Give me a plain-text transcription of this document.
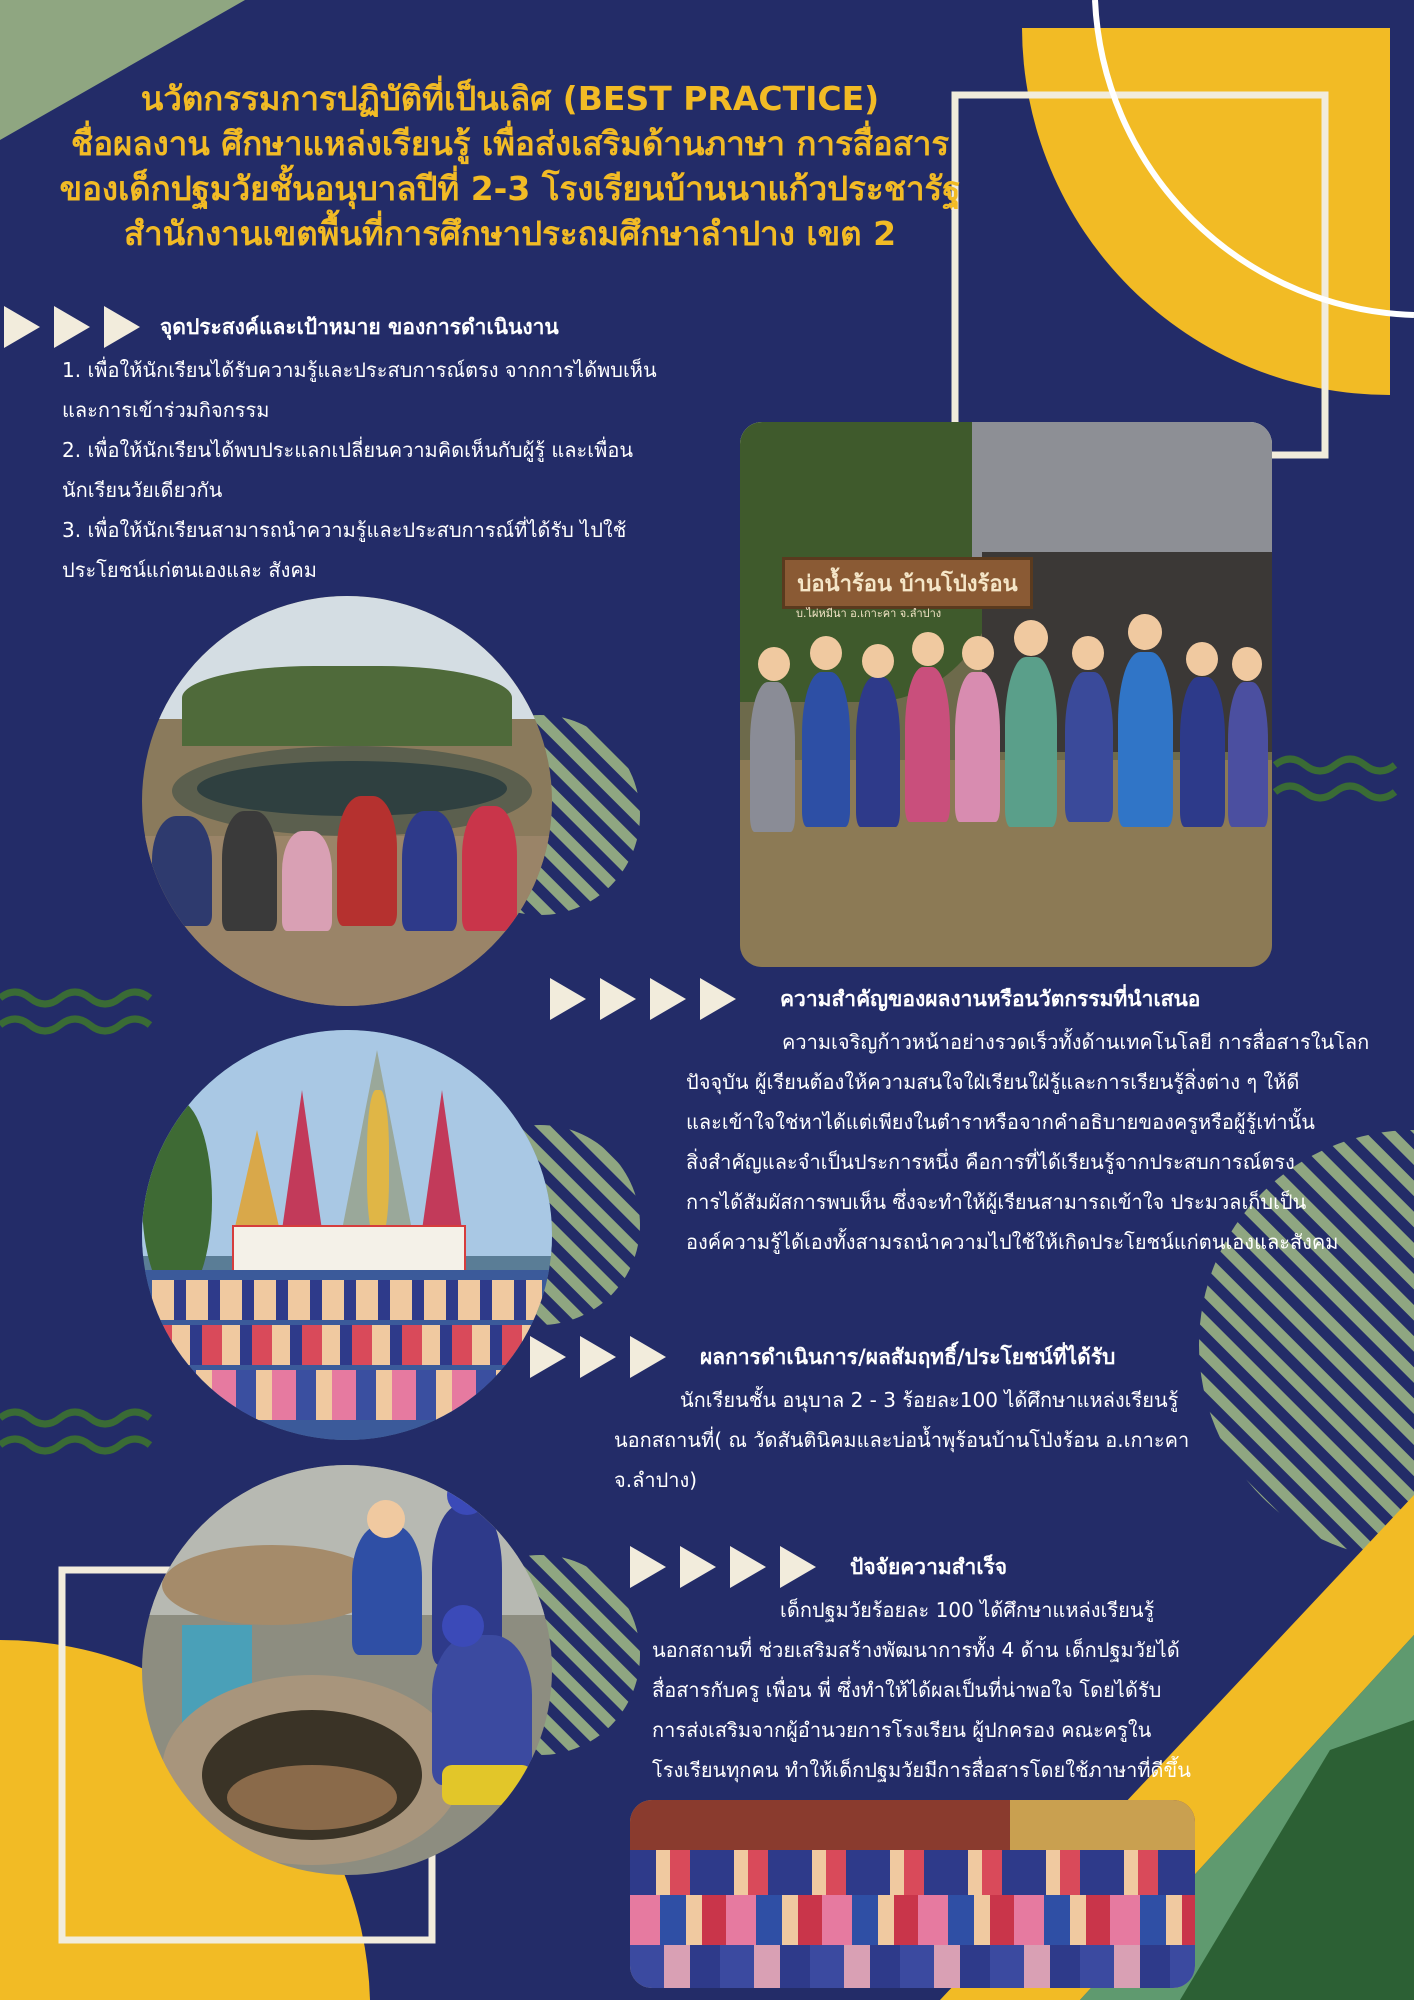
นวัตกรรมการปฏิบัติที่เป็นเลิศ (BEST PRACTICE)
ชื่อผลงาน ศึกษาแหล่งเรียนรู้ เพื่อส่งเสริมด้านภาษา การสื่อสาร
ของเด็กปฐมวัยชั้นอนุบาลปีที่ 2-3 โรงเรียนบ้านนาแก้วประชารัฐ
สำนักงานเขตพื้นที่การศึกษาประถมศึกษาลำปาง เขต 2
จุดประสงค์และเป้าหมาย ของการดำเนินงาน

1. เพื่อให้นักเรียนได้รับความรู้และประสบการณ์ตรง จากการได้พบเห็น

และการเข้าร่วมกิจกรรม

2. เพื่อให้นักเรียนได้พบประแลกเปลี่ยนความคิดเห็นกับผู้รู้ และเพื่อน

นักเรียนวัยเดียวกัน

3. เพื่อให้นักเรียนสามารถนำความรู้และประสบการณ์ที่ได้รับ ไปใช้

ประโยชน์แก่ตนเองและ สังคม

บ่อน้ำร้อน บ้านโป่งร้อน
บ.ไผ่หมีนา อ.เกาะคา จ.ลำปาง
ความสำคัญของผลงานหรือนวัตกรรมที่นำเสนอ

ความเจริญก้าวหน้าอย่างรวดเร็วทั้งด้านเทคโนโลยี การสื่อสารในโลก

ปัจจุบัน ผู้เรียนต้องให้ความสนใจใฝ่เรียนใฝ่รู้และการเรียนรู้สิ่งต่าง ๆ ให้ดี

และเข้าใจใช่หาได้แต่เพียงในตำราหรือจากคำอธิบายของครูหรือผู้รู้เท่านั้น

สิ่งสำคัญและจำเป็นประการหนึ่ง คือการที่ได้เรียนรู้จากประสบการณ์ตรง

การได้สัมผัสการพบเห็น ซึ่งจะทำให้ผู้เรียนสามารถเข้าใจ ประมวลเก็บเป็น

องค์ความรู้ได้เองทั้งสามรถนำความไปใช้ให้เกิดประโยชน์แก่ตนเองและสังคม

ผลการดำเนินการ/ผลสัมฤทธิ์/ประโยชน์ที่ได้รับ

นักเรียนชั้น อนุบาล 2 - 3 ร้อยละ100 ได้ศึกษาแหล่งเรียนรู้

นอกสถานที่( ณ วัดสันตินิคมและบ่อน้ำพุร้อนบ้านโป่งร้อน อ.เกาะคา

จ.ลำปาง)

ปัจจัยความสำเร็จ

เด็กปฐมวัยร้อยละ 100 ได้ศึกษาแหล่งเรียนรู้

นอกสถานที่ ช่วยเสริมสร้างพัฒนาการทั้ง 4 ด้าน เด็กปฐมวัยได้

สื่อสารกับครู เพื่อน พี่ ซึ่งทำให้ได้ผลเป็นที่น่าพอใจ โดยได้รับ

การส่งเสริมจากผู้อำนวยการโรงเรียน ผู้ปกครอง คณะครูใน

โรงเรียนทุกคน ทำให้เด็กปฐมวัยมีการสื่อสารโดยใช้ภาษาที่ดีขึ้น
